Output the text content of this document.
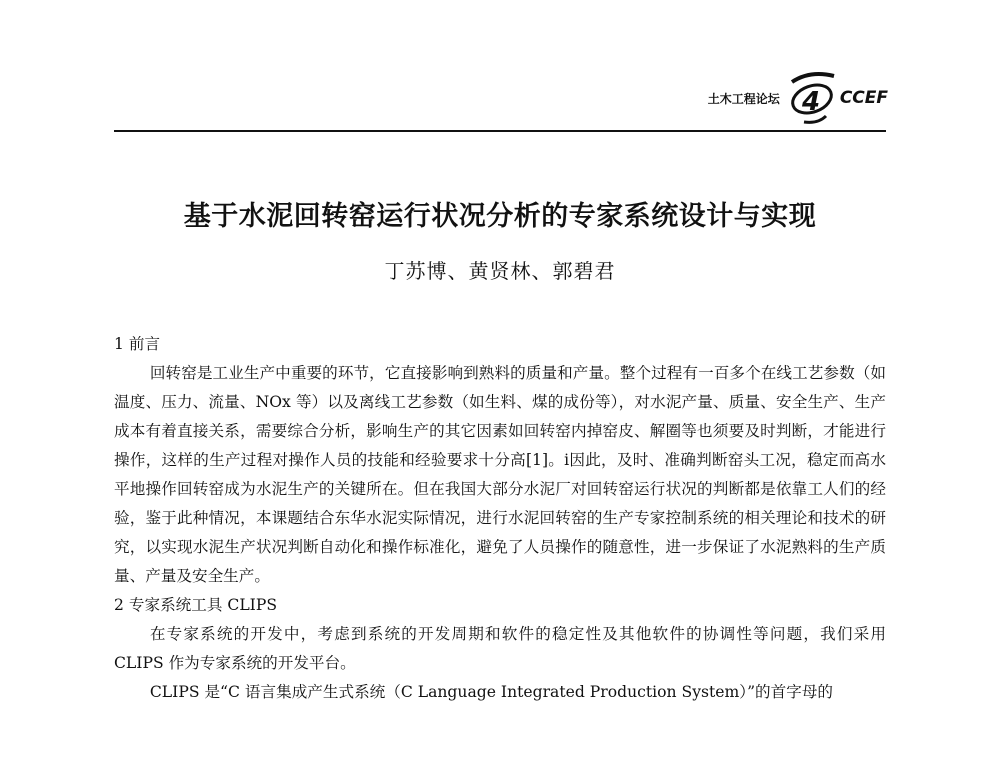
土木工程论坛 4 CCEF
基于水泥回转窑运行状况分析的专家系统设计与实现
丁苏博、黄贤林、郭碧君

1 前言

回转窑是工业生产中重要的环节，它直接影响到熟料的质量和产量。整个过程有一百多个在线工艺参数（如温度、压力、流量、NOx 等）以及离线工艺参数（如生料、煤的成份等），对水泥产量、质量、安全生产、生产成本有着直接关系，需要综合分析，影响生产的其它因素如回转窑内掉窑皮、解圈等也须要及时判断，才能进行操作，这样的生产过程对操作人员的技能和经验要求十分高[1]。i因此，及时、准确判断窑头工况，稳定而高水平地操作回转窑成为水泥生产的关键所在。但在我国大部分水泥厂对回转窑运行状况的判断都是依靠工人们的经验，鉴于此种情况，本课题结合东华水泥实际情况，进行水泥回转窑的生产专家控制系统的相关理论和技术的研究，以实现水泥生产状况判断自动化和操作标准化，避免了人员操作的随意性，进一步保证了水泥熟料的生产质量、产量及安全生产。

2 专家系统工具 CLIPS

在专家系统的开发中，考虑到系统的开发周期和软件的稳定性及其他软件的协调性等问题，我们采用 CLIPS 作为专家系统的开发平台。

CLIPS 是“C 语言集成产生式系统（C Language Integrated Production System）”的首字母的
